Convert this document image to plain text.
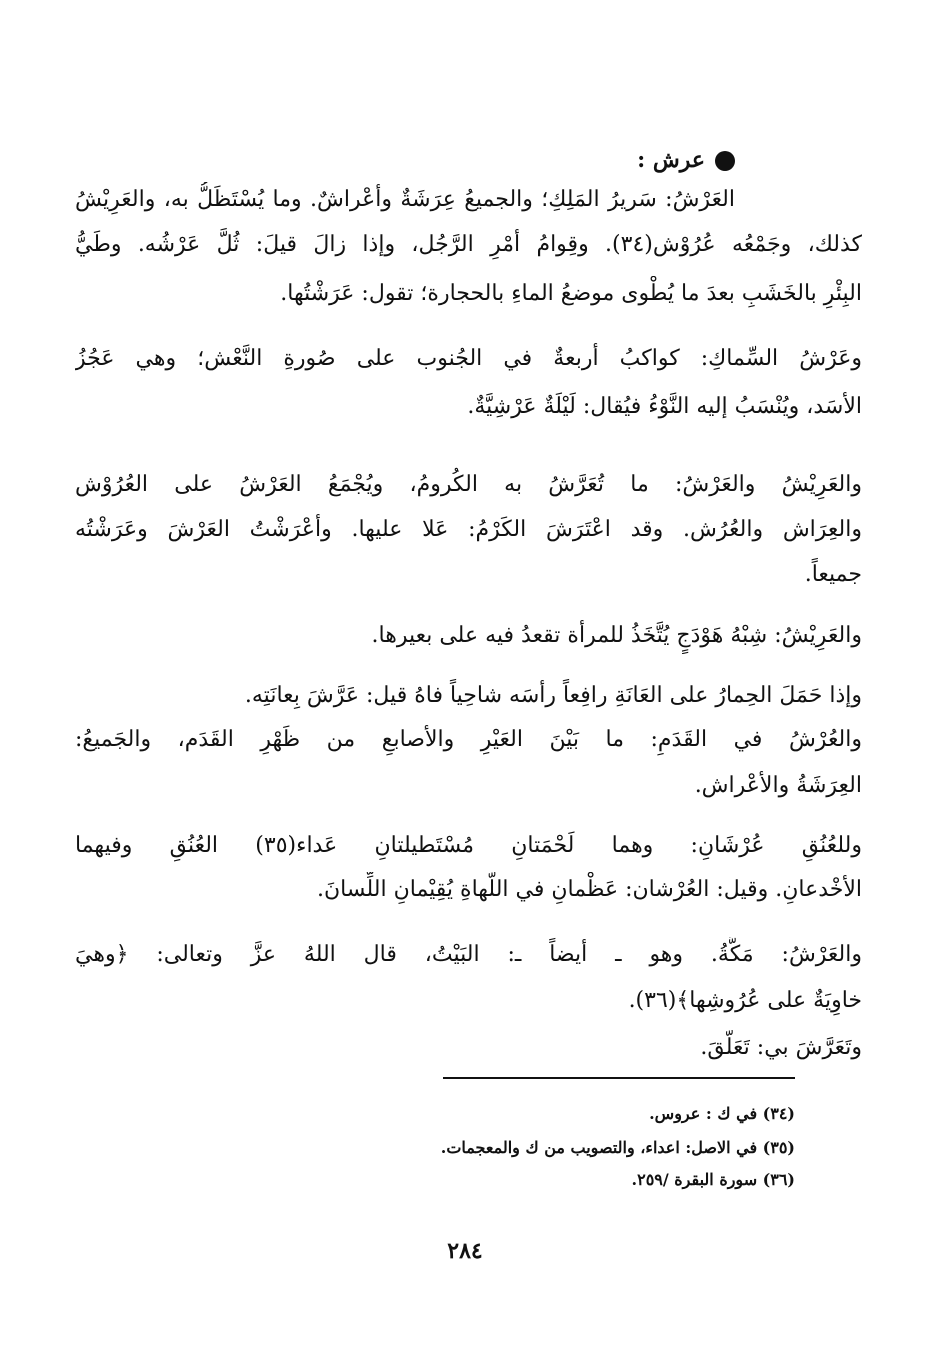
عرش :
العَرْشُ: سَريرُ المَلِكِ؛ والجميعُ عِرَشَةٌ وأعْراشٌ. وما يُسْتَظَلُّ به، والعَرِيْشُ
كذلك، وجَمْعُه عُرُوْش(٣٤). وقِوامُ أمْرِ الرَّجُل، وإذا زالَ قيلَ: ثُلَّ عَرْشُه. وطَيُّ
البِئْرِ بالخَشَبِ بعدَ ما يُطْوى موضعُ الماءِ بالحجارة؛ تقول: عَرَشْتُها.
وعَرْشُ السِّماكِ: كواكبُ أربعةٌ في الجُنوب على صُورةِ النَّعْش؛ وهي عَجُزُ
الأسَد، ويُنْسَبُ إليه النَّوْءُ فيُقال: لَيْلَةٌ عَرْشِيَّةٌ.
والعَرِيْشُ والعَرْشُ: ما تُعَرَّشُ به الكُرومُ، ويُجْمَعُ العَرْشُ على العُرُوْش
والعِرَاش والعُرُش. وقد اعْتَرَشَ الكَرْمُ: عَلا عليها. وأعْرَشْتُ العَرْشَ وعَرَشْتُه
جميعاً.
والعَرِيْشُ: شِبْهُ هَوْدَجٍ يُتَّخَذُ للمرأة تقعدُ فيه على بعيرها.
وإذا حَمَلَ الحِمارُ على العَانَةِ رافِعاً رأسَه شاحِياً فاهُ قيل: عَرَّشَ بِعانَتِه.
والعُرْشُ في القَدَمِ: ما بَيْنَ العَيْرِ والأصابعِ من ظَهْرِ القَدَم، والجَميعُ:
العِرَشَةُ والأعْراش.
وللعُنُقِ عُرْشَانِ: وهما لَحْمَتانِ مُسْتَطيلتانِ عَداء(٣٥) العُنُقِ وفيهما
الأخْدعانِ. وقيل: العُرْشان: عَظْمانِ في اللَّهاةِ يُقِيْمانِ اللِّسانَ.
والعَرْشُ: مَكَّةُ. وهو ـ أيضاً ـ: البَيْتُ، قال اللهُ عزَّ وتعالى: ﴿وهيَ
خاوِيَةٌ على عُرُوشِها﴾(٣٦).
وتَعَرَّشَ بي: تَعَلَّقَ.
(٣٤) في ك : عروس.
(٣٥) في الاصل: اعداء، والتصويب من ك والمعجمات.
(٣٦) سورة البقرة /٢٥٩.
٢٨٤
